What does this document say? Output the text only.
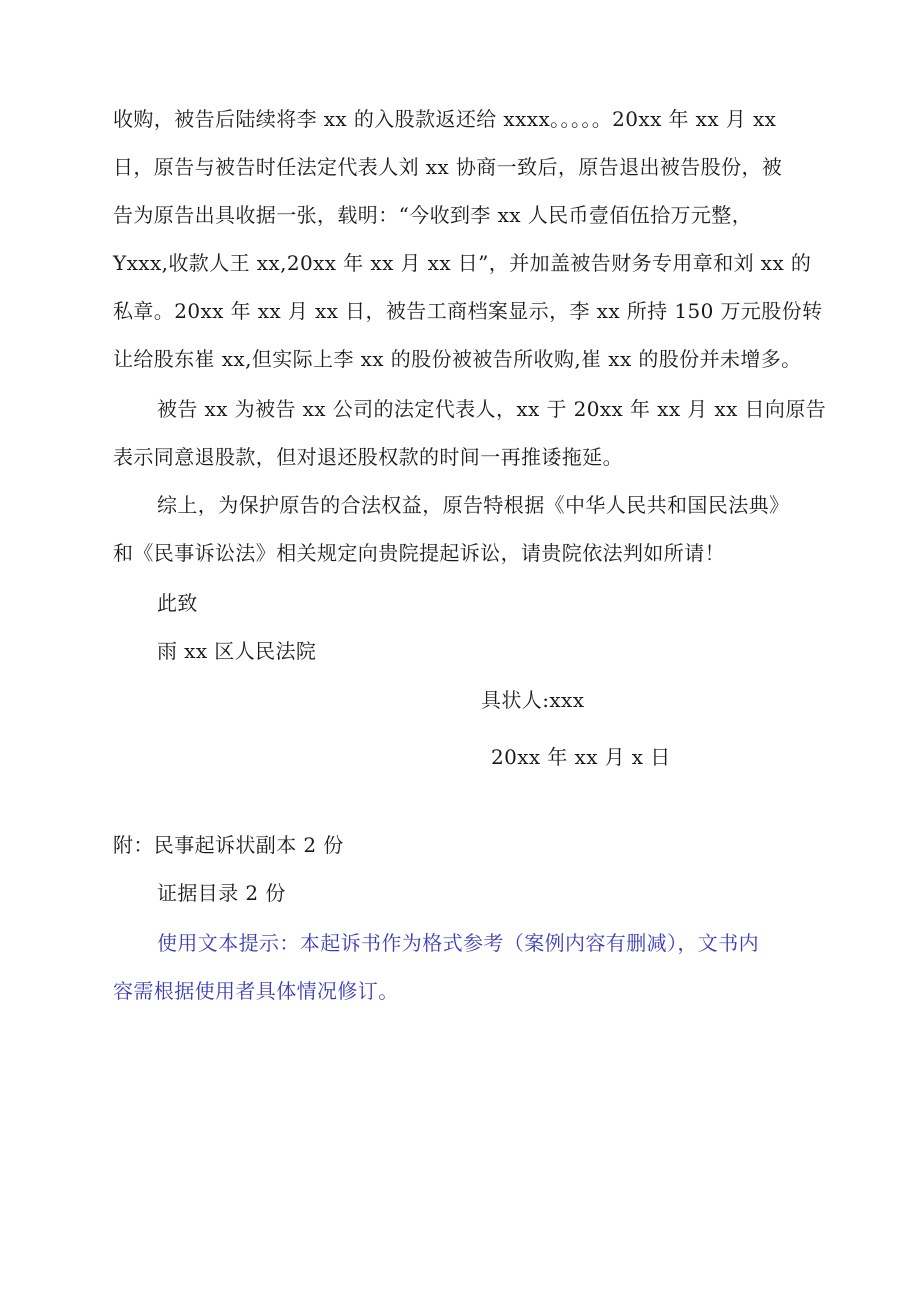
收购，被告后陆续将李 xx 的入股款返还给 xxxx。。。。。20xx 年 xx 月 xx
日，原告与被告时任法定代表人刘 xx 协商一致后，原告退出被告股份，被
告为原告出具收据一张，载明：“今收到李 xx 人民币壹佰伍拾万元整，
Yxxx,收款人王 xx,20xx 年 xx 月 xx 日”，并加盖被告财务专用章和刘 xx 的
私章。20xx 年 xx 月 xx 日，被告工商档案显示，李 xx 所持 150 万元股份转
让给股东崔 xx,但实际上李 xx 的股份被被告所收购,崔 xx 的股份并未增多。
被告 xx 为被告 xx 公司的法定代表人，xx 于 20xx 年 xx 月 xx 日向原告
表示同意退股款，但对退还股权款的时间一再推诿拖延。
综上，为保护原告的合法权益，原告特根据《中华人民共和国民法典》
和《民事诉讼法》相关规定向贵院提起诉讼，请贵院依法判如所请！
此致
雨 xx 区人民法院
具状人:xxx
20xx 年 xx 月 x 日
附：民事起诉状副本 2 份
证据目录 2 份
使用文本提示：本起诉书作为格式参考（案例内容有删减），文书内
容需根据使用者具体情况修订。
